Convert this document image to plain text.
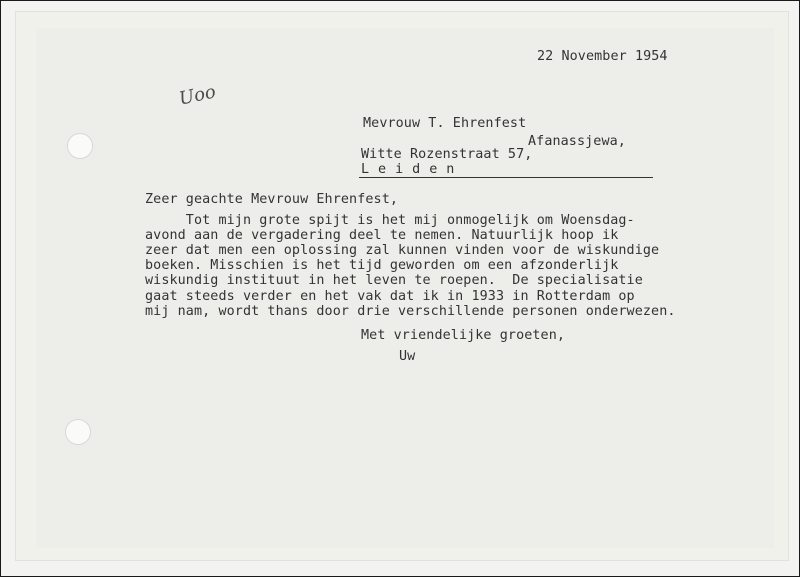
Uoo
22 November 1954
Mevrouw T. Ehrenfest
Afanassjewa,
Witte Rozenstraat 57,
Leiden
Zeer geachte Mevrouw Ehrenfest,
Tot mijn grote spijt is het mij onmogelijk om Woensdag-
avond aan de vergadering deel te nemen. Natuurlijk hoop ik
zeer dat men een oplossing zal kunnen vinden voor de wiskundige
boeken. Misschien is het tijd geworden om een afzonderlijk
wiskundig instituut in het leven te roepen.  De specialisatie
gaat steeds verder en het vak dat ik in 1933 in Rotterdam op
mij nam, wordt thans door drie verschillende personen onderwezen.
Met vriendelijke groeten,
Uw
